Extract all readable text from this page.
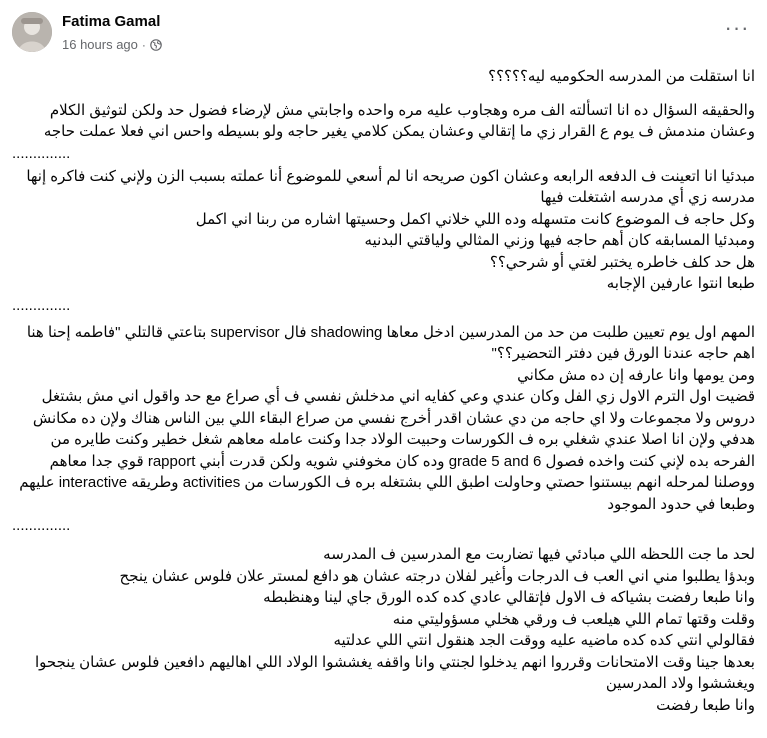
Fatima Gamal
16 hours ago ·
···

انا استقلت من المدرسه الحكوميه ليه؟؟؟؟؟

والحقيقه السؤال ده انا اتسألته الف مره وهجاوب عليه مره واحده واجابتي مش لإرضاء فضول حد ولكن لتوثيق الكلام وعشان مندمش ف يوم ع القرار زي ما إتقالي وعشان يمكن كلامي يغير حاجه ولو بسيطه واحس اني فعلا عملت حاجه

..............

مبدئيا انا اتعينت ف الدفعه الرابعه وعشان اكون صريحه انا لم أسعي للموضوع أنا عملته بسبب الزن ولإني كنت فاكره إنها مدرسه زي أي مدرسه اشتغلت فيها
وكل حاجه ف الموضوع كانت متسهله وده اللي خلاني اكمل وحسيتها اشاره من ربنا اني اكمل
ومبدئيا المسابقه كان أهم حاجه فيها وزني المثالي ولياقتي البدنيه
هل حد كلف خاطره يختبر لغتي أو شرحي؟؟
طبعا انتوا عارفين الإجابه

..............

المهم اول يوم تعيين طلبت من حد من المدرسين ادخل معاها shadowing فال supervisor بتاعتي قالتلي "فاطمه إحنا هنا اهم حاجه عندنا الورق فين دفتر التحضير؟؟"
ومن يومها وانا عارفه إن ده مش مكاني
قضيت اول الترم الاول زي الفل وكان عندي وعي كفايه اني مدخلش نفسي ف أي صراع مع حد واقول اني مش بشتغل دروس ولا مجموعات ولا اي حاجه من دي عشان اقدر أخرج نفسي من صراع البقاء اللي بين الناس هناك ولإن ده مكانش هدفي ولإن انا اصلا عندي شغلي بره ف الكورسات وحبيت الولاد جدا وكنت عامله معاهم شغل خطير وكنت طايره من الفرحه بده لإني كنت واخده فصول grade 5 and 6 وده كان مخوفني شويه ولكن قدرت أبني rapport قوي جدا معاهم ووصلنا لمرحله انهم بيستنوا حصتي وحاولت اطبق اللي بشتغله بره ف الكورسات من activities وطريقه interactive عليهم وطبعا في حدود الموجود

..............

لحد ما جت اللحظه اللي مبادئي فيها تضاربت مع المدرسين ف المدرسه
وبدؤا يطلبوا مني اني العب ف الدرجات وأغير لفلان درجته عشان هو دافع لمستر علان فلوس عشان ينجح
وانا طبعا رفضت بشياكه ف الاول فإتقالي عادي كده كده الورق جاي لينا وهنظبطه
وقلت وقتها تمام اللي هيلعب ف ورقي هخلي مسؤوليتي منه
فقالولي انتي كده كده ماضيه عليه ووقت الجد هنقول انتي اللي عدلتيه
بعدها جينا وقت الامتحانات وقرروا انهم يدخلوا لجنتي وانا واقفه يغششوا الولاد اللي اهاليهم دافعين فلوس عشان ينجحوا ويغششوا ولاد المدرسين
وانا طبعا رفضت
